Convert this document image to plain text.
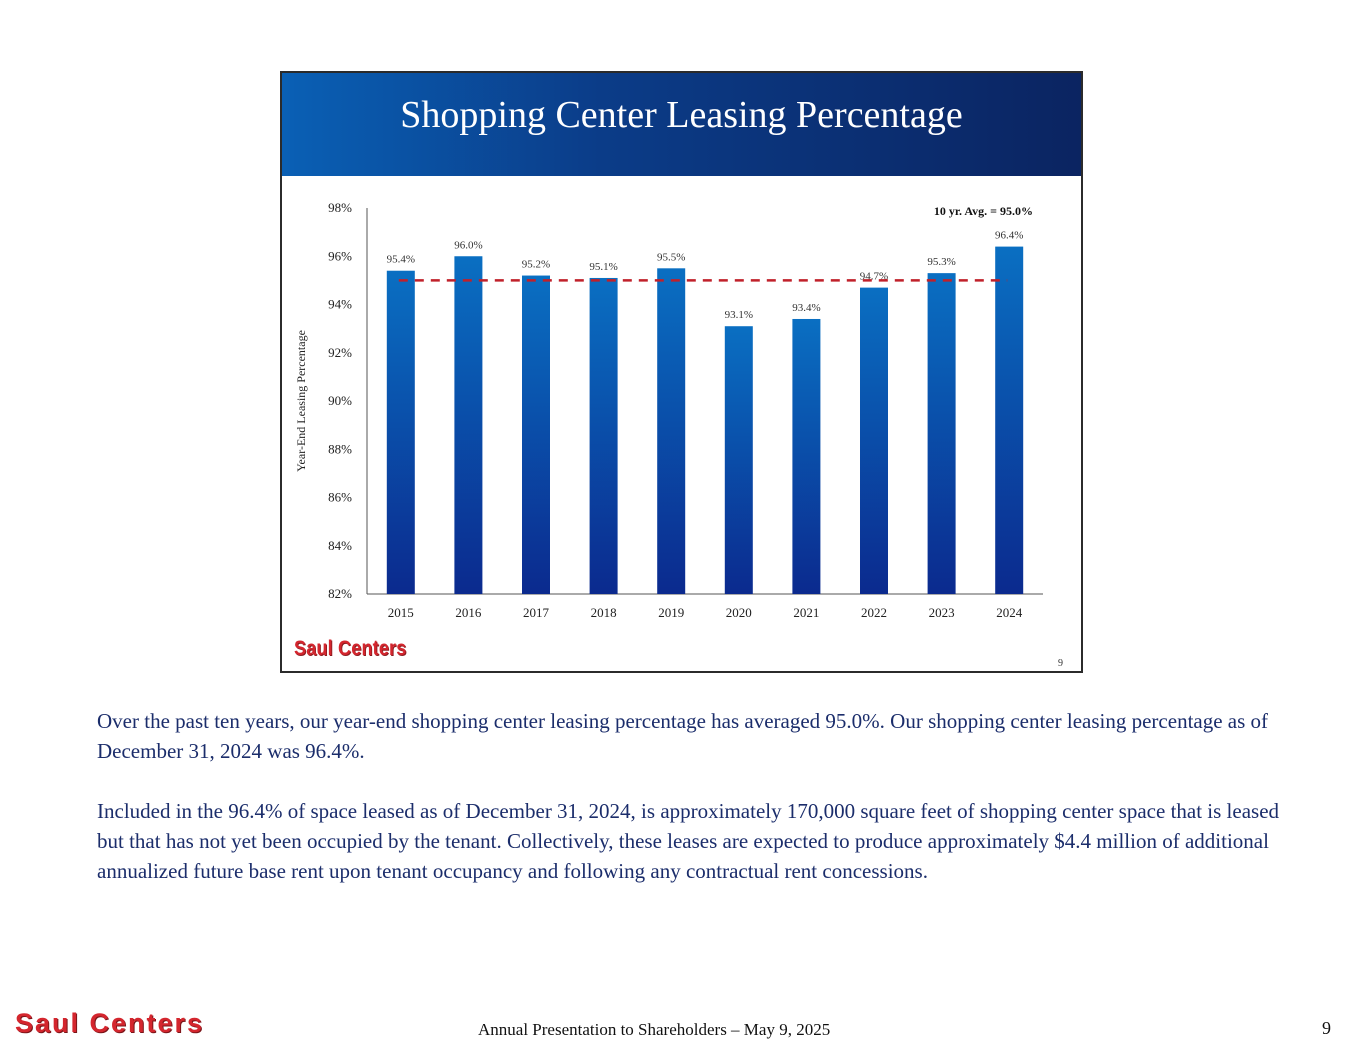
Shopping Center Leasing Percentage
82%
84%
86%
88%
90%
92%
94%
96%
98%
Year-End Leasing Percentage
95.4%
2015
96.0%
2016
95.2%
2017
95.1%
2018
95.5%
2019
93.1%
2020
93.4%
2021
94.7%
2022
95.3%
2023
96.4%
2024
10 yr. Avg. = 95.0%
Saul Centers
9

Over the past ten years, our year-end shopping center leasing percentage has averaged 95.0%. Our shopping center leasing percentage as of December 31, 2024 was 96.4%.

Included in the 96.4% of space leased as of December 31, 2024, is approximately 170,000 square feet of shopping center space that is leased but that has not yet been occupied by the tenant. Collectively, these leases are expected to produce approximately $4.4 million of additional annualized future base rent upon tenant occupancy and following any contractual rent concessions.

Saul Centers	Annual Presentation to Shareholders – May 9, 2025	9
